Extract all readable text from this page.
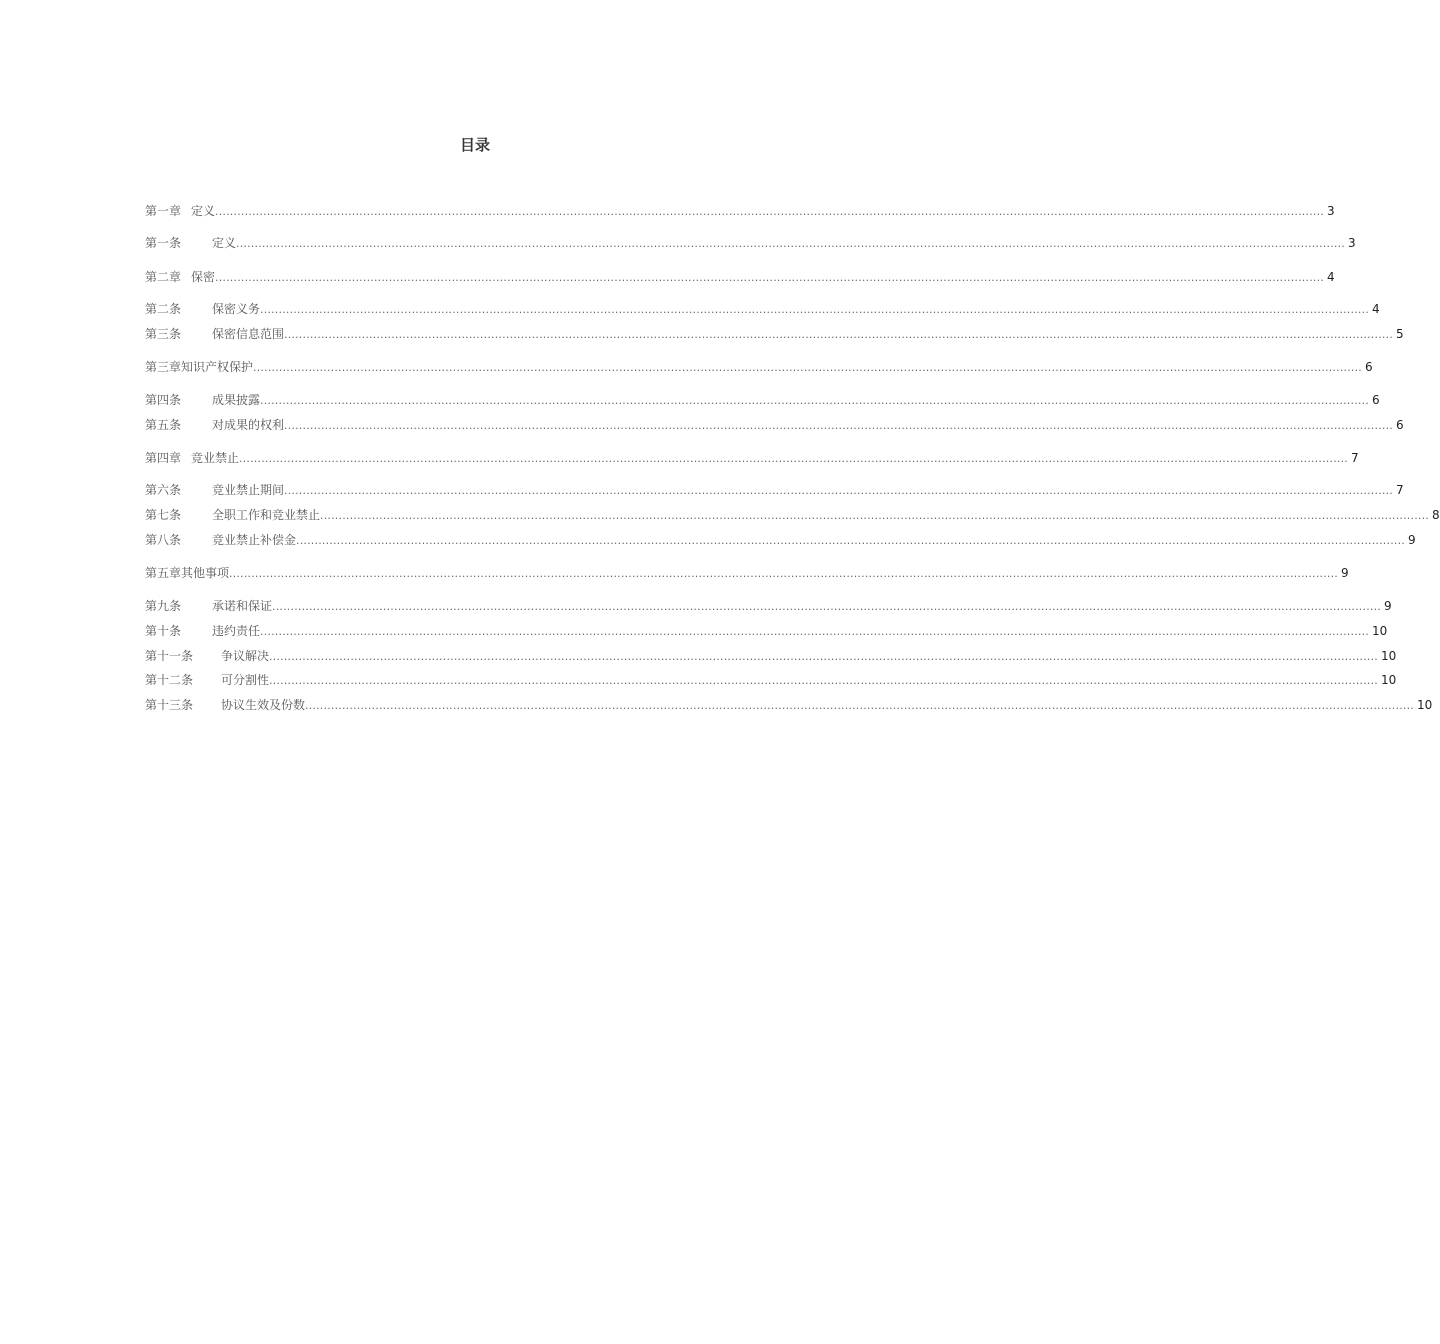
目录
第一章 定义 ............................................................................................................................................................................................................................................................................................................ 3
第一条	定义 ............................................................................................................................................................................................................................................................................................................ 3
第二章 保密 ............................................................................................................................................................................................................................................................................................................ 4
第二条	保密义务 ............................................................................................................................................................................................................................................................................................................ 4
第三条	保密信息范围 ............................................................................................................................................................................................................................................................................................................ 5
第三章 知识产权保护 ............................................................................................................................................................................................................................................................................................................ 6
第四条	成果披露 ............................................................................................................................................................................................................................................................................................................ 6
第五条	对成果的权利 ............................................................................................................................................................................................................................................................................................................ 6
第四章 竞业禁止 ............................................................................................................................................................................................................................................................................................................ 7
第六条	竞业禁止期间 ............................................................................................................................................................................................................................................................................................................ 7
第七条	全职工作和竞业禁止 ............................................................................................................................................................................................................................................................................................................ 8
第八条	竞业禁止补偿金 ............................................................................................................................................................................................................................................................................................................ 9
第五章 其他事项 ............................................................................................................................................................................................................................................................................................................ 9
第九条	承诺和保证 ............................................................................................................................................................................................................................................................................................................ 9
第十条	违约责任 ............................................................................................................................................................................................................................................................................................................ 10
第十一条	争议解决 ............................................................................................................................................................................................................................................................................................................ 10
第十二条	可分割性 ............................................................................................................................................................................................................................................................................................................ 10
第十三条	协议生效及份数 ............................................................................................................................................................................................................................................................................................................ 10
